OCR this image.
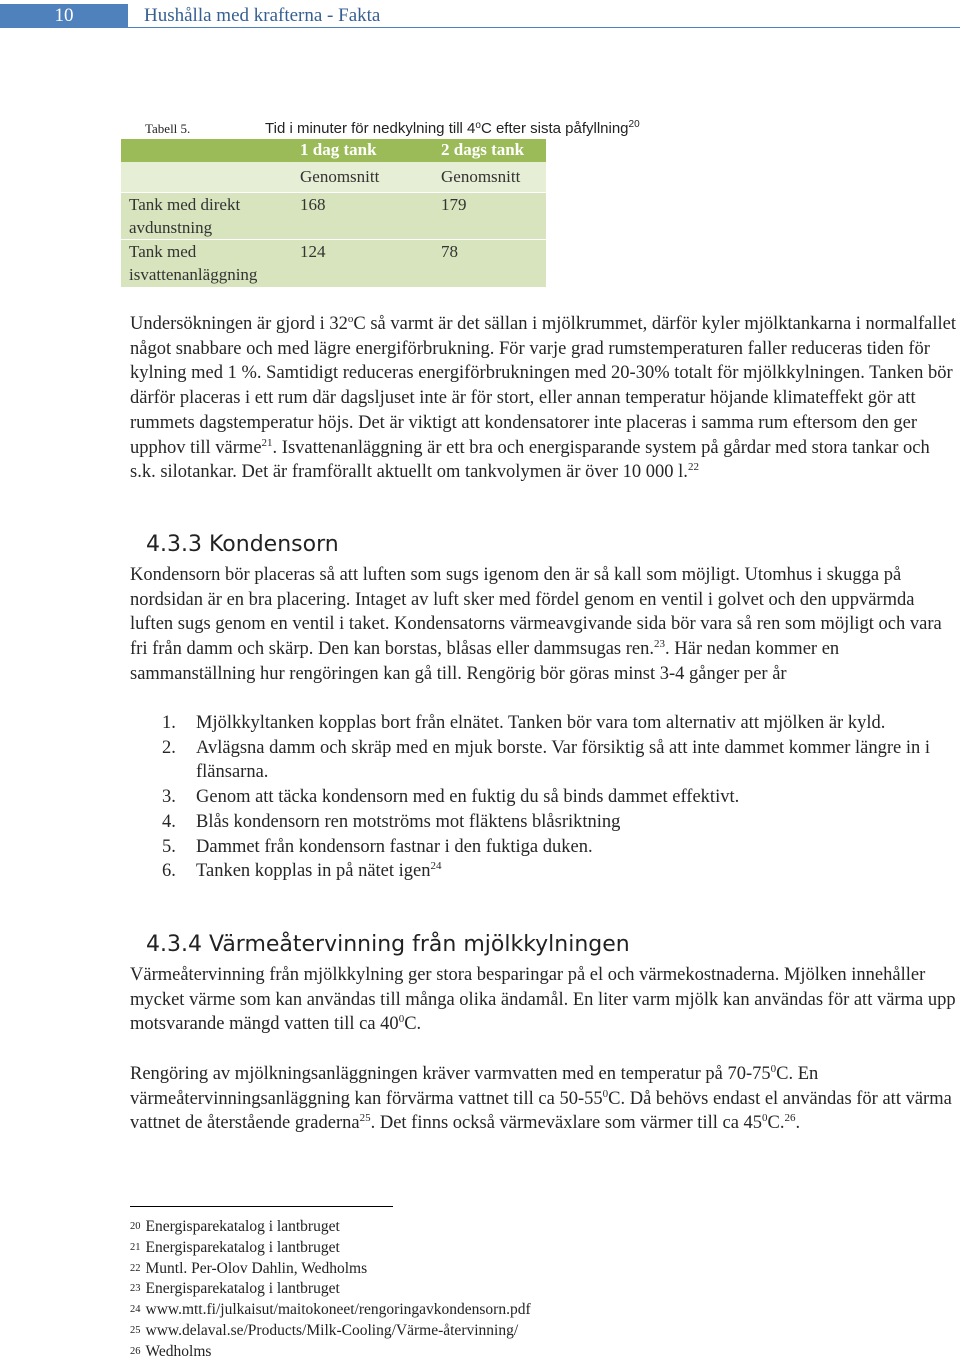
10	Hushålla med krafterna - Fakta
Tabell 5.	Tid i minuter för nedkylning till 4$^o$C efter sista påfyllning$^{20}$
	1 dag tank	2 dags tank
	Genomsnitt	Genomsnitt
Tank med direkt avdunstning	168	179
Tank med isvattenanläggning	124	78
Undersökningen är gjord i 32$^o$C så varmt är det sällan i mjölkrummet, därför kyler mjölktankarna i normalfallet något snabbare och med lägre energiförbrukning. För varje grad rumstemperaturen faller reduceras tiden för kylning med 1 %. Samtidigt reduceras energiförbrukningen med 20-30% totalt för mjölkkylningen. Tanken bör därför placeras i ett rum där dagsljuset inte är för stort, eller annan temperatur höjande klimateffekt gör att rummets dagstemperatur höjs. Det är viktigt att kondensatorer inte placeras i samma rum eftersom den ger upphov till värme$^{21}$. Isvattenanläggning är ett bra och energisparande system på gårdar med stora tankar och s.k. silotankar. Det är framförallt aktuellt om tankvolymen är över 10 000 l.$^{22}$
4.3.3 Kondensorn
Kondensorn bör placeras så att luften som sugs igenom den är så kall som möjligt. Utomhus i skugga på nordsidan är en bra placering. Intaget av luft sker med fördel genom en ventil i golvet och den uppvärmda luften sugs genom en ventil i taket. Kondensatorns värmeavgivande sida bör vara så ren som möjligt och vara fri från damm och skärp. Den kan borstas, blåsas eller dammsugas ren.$^{23}$. Här nedan kommer en sammanställning hur rengöringen kan gå till. Rengörig bör göras minst 3-4 gånger per år
1. Mjölkkyltanken kopplas bort från elnätet. Tanken bör vara tom alternativ att mjölken är kyld.
2. Avlägsna damm och skräp med en mjuk borste. Var försiktig så att inte dammet kommer längre in i flänsarna.
3. Genom att täcka kondensorn med en fuktig du så binds dammet effektivt.
4. Blås kondensorn ren motströms mot fläktens blåsriktning
5. Dammet från kondensorn fastnar i den fuktiga duken.
6. Tanken kopplas in på nätet igen$^{24}$
4.3.4 Värmeåtervinning från mjölkkylningen
Värmeåtervinning från mjölkkylning ger stora besparingar på el och värmekostnaderna. Mjölken innehåller mycket värme som kan användas till många olika ändamål. En liter varm mjölk kan användas för att värma upp motsvarande mängd vatten till ca $40^0C$.
Rengöring av mjölkningsanläggningen kräver varmvatten med en temperatur på $70-75^0C$. En värmeåtervinningsanläggning kan förvärma vattnet till ca $50-55^0C$. Då behövs endast el användas för att värma vattnet de återstående graderna$^{25}$. Det finns också värmeväxlare som värmer till ca $45^0C.^{26}$.
20 Energisparekatalog i lantbruget
21 Energisparekatalog i lantbruget
22 Muntl. Per-Olov Dahlin, Wedholms
23 Energisparekatalog i lantbruget
24 www.mtt.fi/julkaisut/maitokoneet/rengoringavkondensorn.pdf
25 www.delaval.se/Products/Milk-Cooling/Värme-återvinning/
26 Wedholms
